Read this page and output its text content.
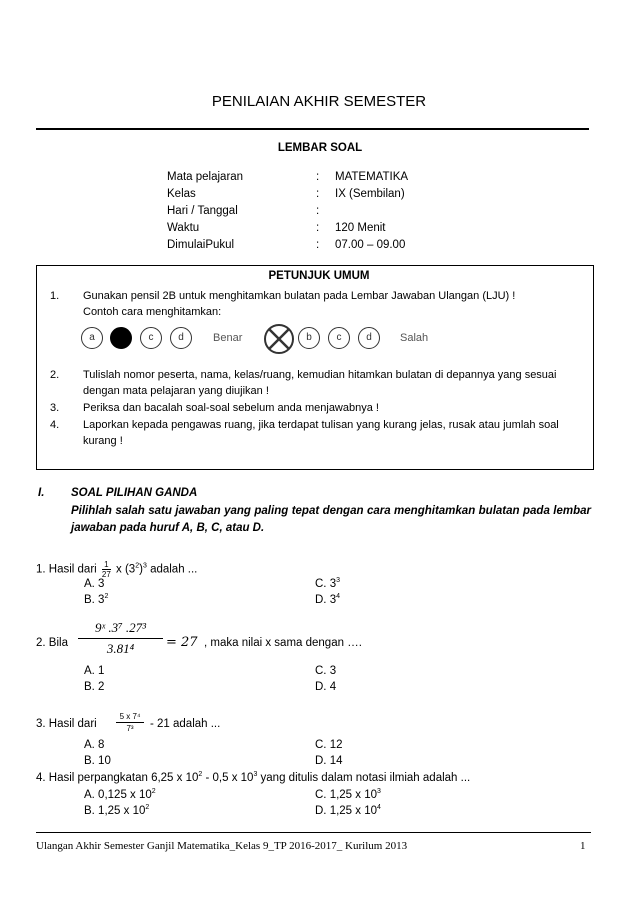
PENILAIAN AKHIR SEMESTER
LEMBAR SOAL
Mata pelajaran	: MATEMATIKA
Kelas	: IX (Sembilan)
Hari / Tanggal	:
Waktu	: 120 Menit
DimulaiPukul	: 07.00 – 09.00
PETUNJUK UMUM
1. Gunakan pensil 2B untuk menghitamkan bulatan pada Lembar Jawaban Ulangan (LJU) !
Contoh cara menghitamkan:
a	c	d	Benar	b	c	d	Salah
2. Tulislah nomor peserta, nama, kelas/ruang, kemudian hitamkan bulatan di depannya yang sesuai dengan mata pelajaran yang diujikan !
3. Periksa dan bacalah soal-soal sebelum anda menjawabnya !
4. Laporkan kepada pengawas ruang, jika terdapat tulisan yang kurang jelas, rusak atau jumlah soal kurang !
I. SOAL PILIHAN GANDA
Pilihlah salah satu jawaban yang paling tepat dengan cara menghitamkan bulatan pada lembar jawaban pada huruf A, B, C, atau D.
1. Hasil dari $\frac{1}{27}$ x $(3^2)^3$ adalah ...
A. 3
B. $3^2$
C. $3^3$
D. $3^4$
2. Bila
9ˣ .3⁷ .27³
3.81⁴	= 27 , maka nilai x sama dengan ….
A. 1
B. 2
C. 3
D. 4
3. Hasil dari
5 x 7⁴
7³	- 21 adalah ...
A. 8
B. 10
C. 12
D. 14
4. Hasil perpangkatan 6,25 x $10^2 - 0,5$ x $10^3$ yang ditulis dalam notasi ilmiah adalah ...
A. 0,125 x $10^2$
B. 1,25 x $10^2$
C. 1,25 x $10^3$
D. 1,25 x $10^4$
Ulangan Akhir Semester Ganjil Matematika_Kelas 9_TP 2016-2017_ Kurilum 2013	1
